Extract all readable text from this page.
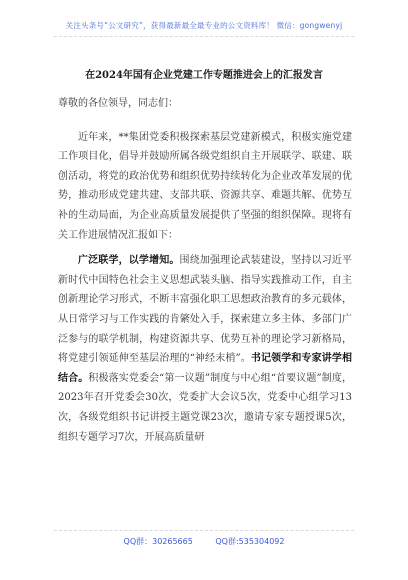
关注头条号“公文研究”，获得最新最全最专业的公文资料库！ 微信：gongwenyj
在2024年国有企业党建工作专题推进会上的汇报发言

尊敬的各位领导，同志们：

近年来，**集团党委积极探索基层党建新模式，积极实施党建工作项目化，倡导并鼓励所属各级党组织自主开展联学、联建、联创活动，将党的政治优势和组织优势持续转化为企业改革发展的优势，推动形成党建共建、支部共联、资源共享、难题共解、优势互补的生动局面，为企业高质量发展提供了坚强的组织保障。现将有关工作进展情况汇报如下：

广泛联学，以学增知。围绕加强理论武装建设，坚持以习近平新时代中国特色社会主义思想武装头脑、指导实践推动工作，自主创新理论学习形式，不断丰富强化职工思想政治教育的多元载体，从日常学习与工作实践的肯綮处入手，探索建立多主体、多部门广泛参与的联学机制，构建资源共享、优势互补的理论学习新格局，将党建引领延伸至基层治理的“神经末梢”。书记领学和专家讲学相结合。积极落实党委会“第一议题”制度与中心组“首要议题”制度，2023年召开党委会30次，党委扩大会议5次，党委中心组学习13次，各级党组织书记讲授主题党课23次，邀请专家专题授课5次，组织专题学习7次，开展高质量研

QQ群：30265665	QQ群:535304092
